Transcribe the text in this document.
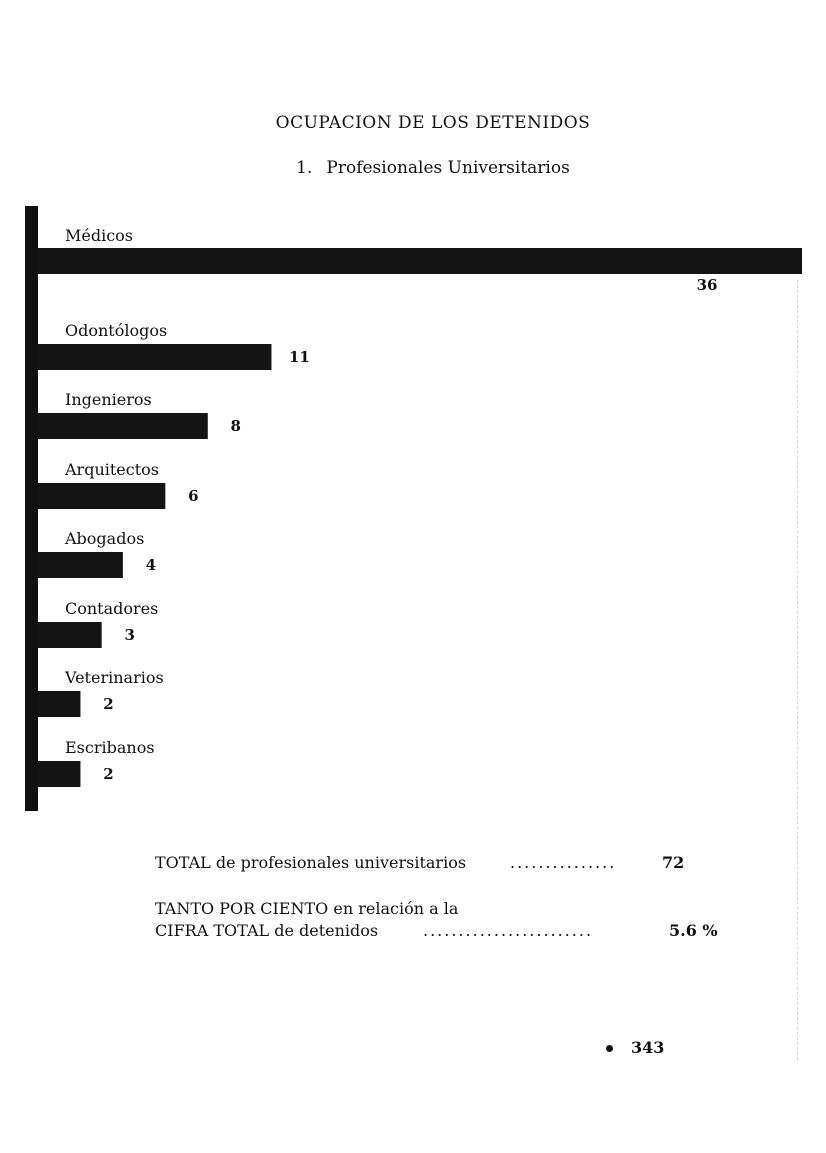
OCUPACION DE LOS DETENIDOS
1. Profesionales Universitarios
Médicos
36
Odontólogos
11
Ingenieros
8
Arquitectos
6
Abogados
4
Contadores
3
Veterinarios
2
Escribanos
2
TOTAL de profesionales universitarios	...............	72
TANTO POR CIENTO en relación a la
CIFRA TOTAL de detenidos	........................	5.6 %
343
